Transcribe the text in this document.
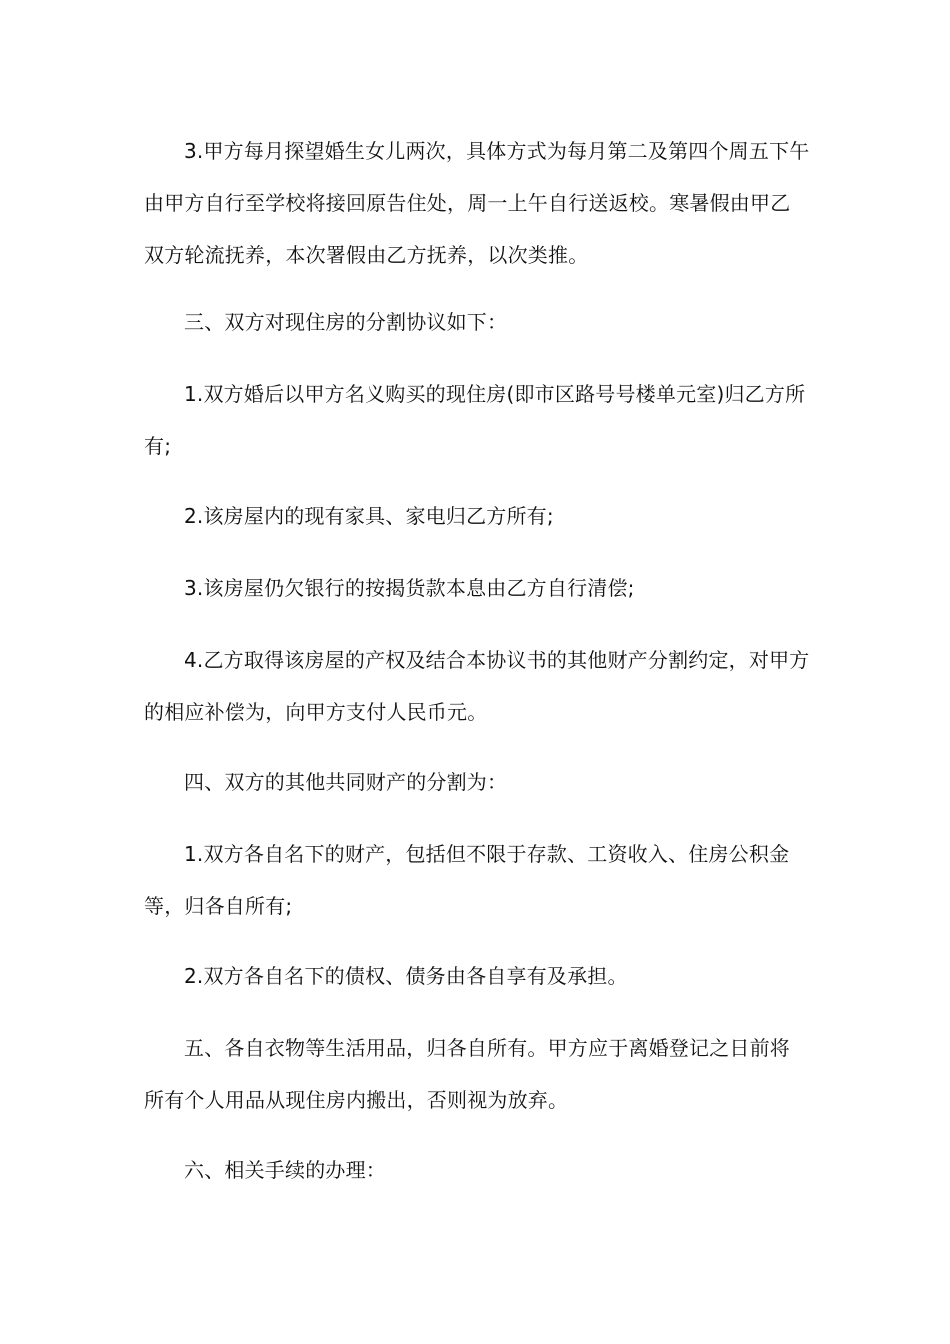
3.甲方每月探望婚生女儿两次，具体方式为每月第二及第四个周五下午由甲方自行至学校将接回原告住处，周一上午自行送返校。寒暑假由甲乙双方轮流抚养，本次署假由乙方抚养，以次类推。

三、双方对现住房的分割协议如下：

1.双方婚后以甲方名义购买的现住房(即市区路号号楼单元室)归乙方所有;

2.该房屋内的现有家具、家电归乙方所有;

3.该房屋仍欠银行的按揭货款本息由乙方自行清偿;

4.乙方取得该房屋的产权及结合本协议书的其他财产分割约定，对甲方的相应补偿为，向甲方支付人民币元。

四、双方的其他共同财产的分割为：

1.双方各自名下的财产，包括但不限于存款、工资收入、住房公积金等，归各自所有;

2.双方各自名下的债权、债务由各自享有及承担。

五、各自衣物等生活用品，归各自所有。甲方应于离婚登记之日前将所有个人用品从现住房内搬出，否则视为放弃。

六、相关手续的办理：
